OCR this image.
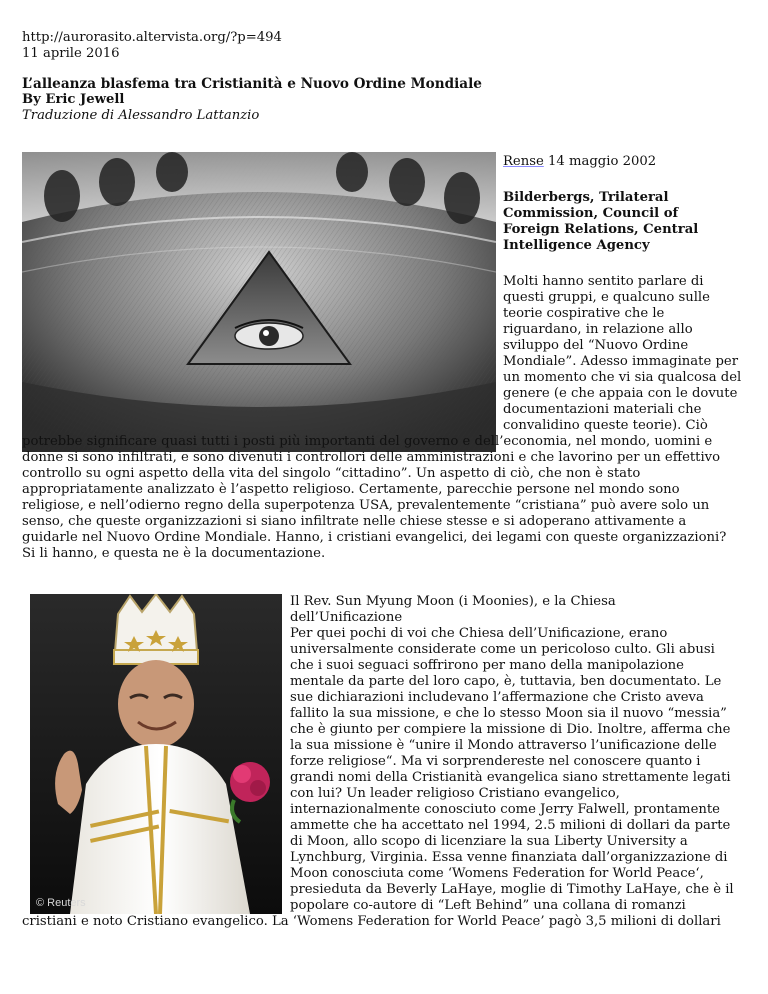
http://aurorasito.altervista.org/?p=494
11 aprile 2016
L’alleanza blasfema tra Cristianità e Nuovo Ordine Mondiale
By Eric Jewell
Traduzione di Alessandro Lattanzio
Rense 14 maggio 2002
Bilderbergs, Trilateral
Commission, Council of
Foreign Relations, Central
Intelligence Agency
Molti hanno sentito parlare di
questi gruppi, e qualcuno sulle
teorie cospirative che le
riguardano, in relazione allo
sviluppo del “Nuovo Ordine
Mondiale”. Adesso immaginate per
un momento che vi sia qualcosa del
genere (e che appaia con le dovute
documentazioni materiali che
convalidino queste teorie). Ciò
potrebbe significare quasi tutti i posti più importanti del governo e dell’economia, nel mondo, uomini e
donne si sono infiltrati, e sono divenuti i controllori delle amministrazioni e che lavorino per un effettivo
controllo su ogni aspetto della vita del singolo “cittadino”. Un aspetto di ciò, che non è stato
appropriatamente analizzato è l’aspetto religioso. Certamente, parecchie persone nel mondo sono
religiose, e nell’odierno regno della superpotenza USA, prevalentemente “cristiana” può avere solo un
senso, che queste organizzazioni si siano infiltrate nelle chiese stesse e si adoperano attivamente a
guidarle nel Nuovo Ordine Mondiale. Hanno, i cristiani evangelici, dei legami con queste organizzazioni?
Si li hanno, e questa ne è la documentazione.
© Reuters
Il Rev. Sun Myung Moon (i Moonies), e la Chiesa
dell’Unificazione
Per quei pochi di voi che Chiesa dell’Unificazione, erano
universalmente considerate come un pericoloso culto. Gli abusi
che i suoi seguaci soffrirono per mano della manipolazione
mentale da parte del loro capo, è, tuttavia, ben documentato. Le
sue dichiarazioni includevano l’affermazione che Cristo aveva
fallito la sua missione, e che lo stesso Moon sia il nuovo “messia”
che è giunto per compiere la missione di Dio. Inoltre, afferma che
la sua missione è “unire il Mondo attraverso l’unificazione delle
forze religiose“. Ma vi sorprendereste nel conoscere quanto i
grandi nomi della Cristianità evangelica siano strettamente legati
con lui? Un leader religioso Cristiano evangelico,
internazionalmente conosciuto come Jerry Falwell, prontamente
ammette che ha accettato nel 1994, 2.5 milioni di dollari da parte
di Moon, allo scopo di licenziare la sua Liberty University a
Lynchburg, Virginia. Essa venne finanziata dall’organizzazione di
Moon conosciuta come ‘Womens Federation for World Peace‘,
presieduta da Beverly LaHaye, moglie di Timothy LaHaye, che è il
popolare co-autore di “Left Behind” una collana di romanzi
cristiani e noto Cristiano evangelico. La ‘Womens Federation for World Peace’ pagò 3,5 milioni di dollari
